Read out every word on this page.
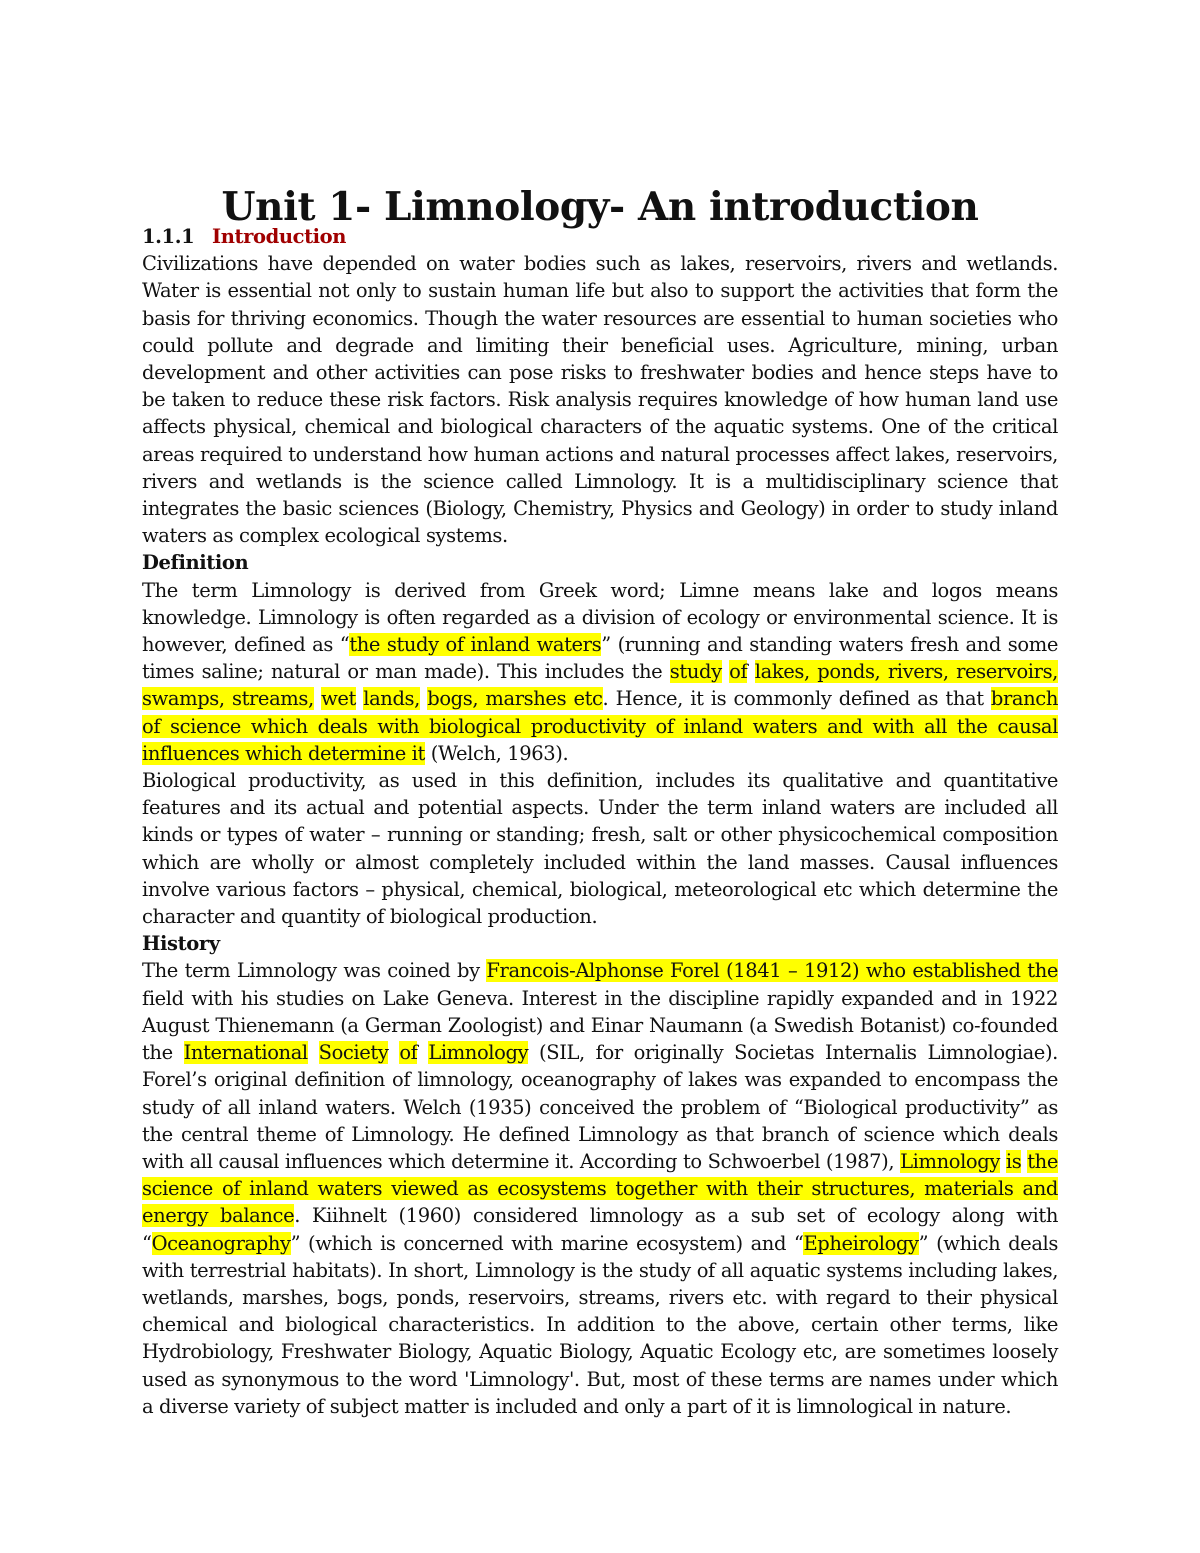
Unit 1- Limnology- An introduction
1.1.1 Introduction

Civilizations have depended on water bodies such as lakes, reservoirs, rivers and wetlands. Water is essential not only to sustain human life but also to support the activities that form the basis for thriving economics. Though the water resources are essential to human societies who could pollute and degrade and limiting their beneficial uses. Agriculture, mining, urban development and other activities can pose risks to freshwater bodies and hence steps have to be taken to reduce these risk factors. Risk analysis requires knowledge of how human land use affects physical, chemical and biological characters of the aquatic systems. One of the critical areas required to understand how human actions and natural processes affect lakes, reservoirs, rivers and wetlands is the science called Limnology. It is a multidisciplinary science that integrates the basic sciences (Biology, Chemistry, Physics and Geology) in order to study inland waters as complex ecological systems.

Definition

The term Limnology is derived from Greek word; Limne means lake and logos means knowledge. Limnology is often regarded as a division of ecology or environmental science. It is however, defined as “the study of inland waters” (running and standing waters fresh and some times saline; natural or man made). This includes the study of lakes, ponds, rivers, reservoirs, swamps, streams, wet lands, bogs, marshes etc. Hence, it is commonly defined as that branch of science which deals with biological productivity of inland waters and with all the causal influences which determine it (Welch, 1963).

Biological productivity, as used in this definition, includes its qualitative and quantitative features and its actual and potential aspects. Under the term inland waters are included all kinds or types of water – running or standing; fresh, salt or other physicochemical composition which are wholly or almost completely included within the land masses. Causal influences involve various factors – physical, chemical, biological, meteorological etc which determine the character and quantity of biological production.

History

The term Limnology was coined by Francois-Alphonse Forel (1841 – 1912) who established the field with his studies on Lake Geneva. Interest in the discipline rapidly expanded and in 1922 August Thienemann (a German Zoologist) and Einar Naumann (a Swedish Botanist) co-founded the International Society of Limnology (SIL, for originally Societas Internalis Limnologiae). Forel’s original definition of limnology, oceanography of lakes was expanded to encompass the study of all inland waters. Welch (1935) conceived the problem of “Biological productivity” as the central theme of Limnology. He defined Limnology as that branch of science which deals with all causal influences which determine it. According to Schwoerbel (1987), Limnology is the science of inland waters viewed as ecosystems together with their structures, materials and energy balance. Kiihnelt (1960) considered limnology as a sub set of ecology along with “Oceanography” (which is concerned with marine ecosystem) and “Epheirology” (which deals with terrestrial habitats). In short, Limnology is the study of all aquatic systems including lakes, wetlands, marshes, bogs, ponds, reservoirs, streams, rivers etc. with regard to their physical chemical and biological characteristics. In addition to the above, certain other terms, like Hydrobiology, Freshwater Biology, Aquatic Biology, Aquatic Ecology etc, are sometimes loosely used as synonymous to the word 'Limnology'. But, most of these terms are names under which a diverse variety of subject matter is included and only a part of it is limnological in nature.
